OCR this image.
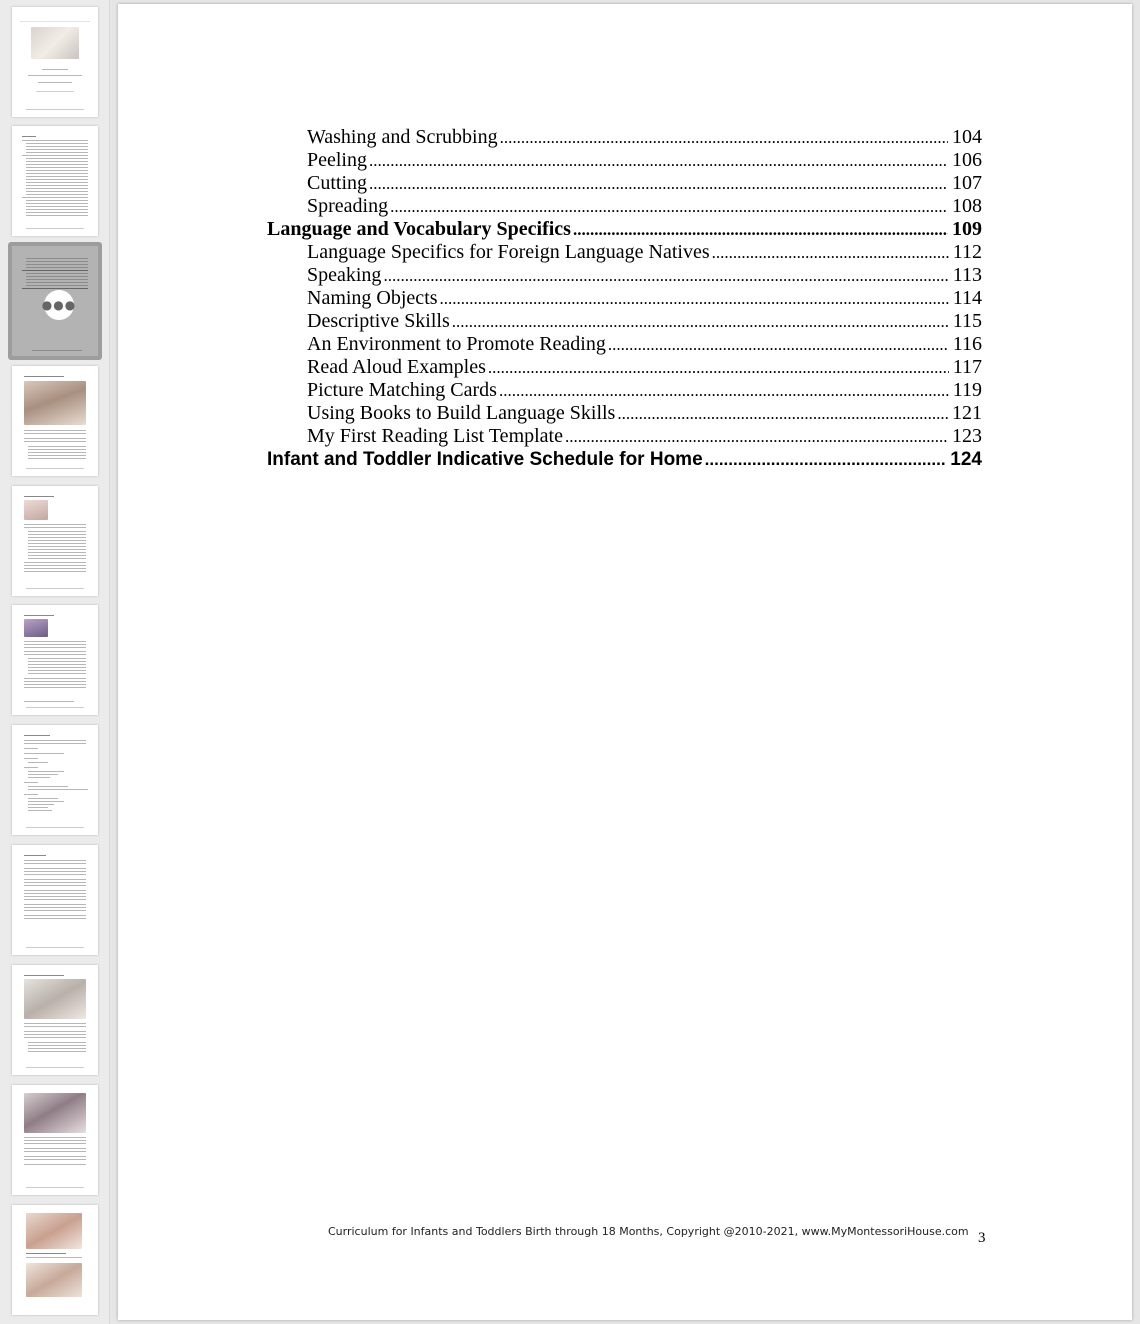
●●●
Washing and Scrubbing .....	104
Peeling .....	106
Cutting .....	107
Spreading .....	108
Language and Vocabulary Specifics .....	109
Language Specifics for Foreign Language Natives .....	112
Speaking .....	113
Naming Objects .....	114
Descriptive Skills .....	115
An Environment to Promote Reading .....	116
Read Aloud Examples .....	117
Picture Matching Cards .....	119
Using Books to Build Language Skills .....	121
My First Reading List Template .....	123
Infant and Toddler Indicative Schedule for Home .....	124
Curriculum for Infants and Toddlers Birth through 18 Months, Copyright @2010-2021, www.MyMontessoriHouse.com 3
